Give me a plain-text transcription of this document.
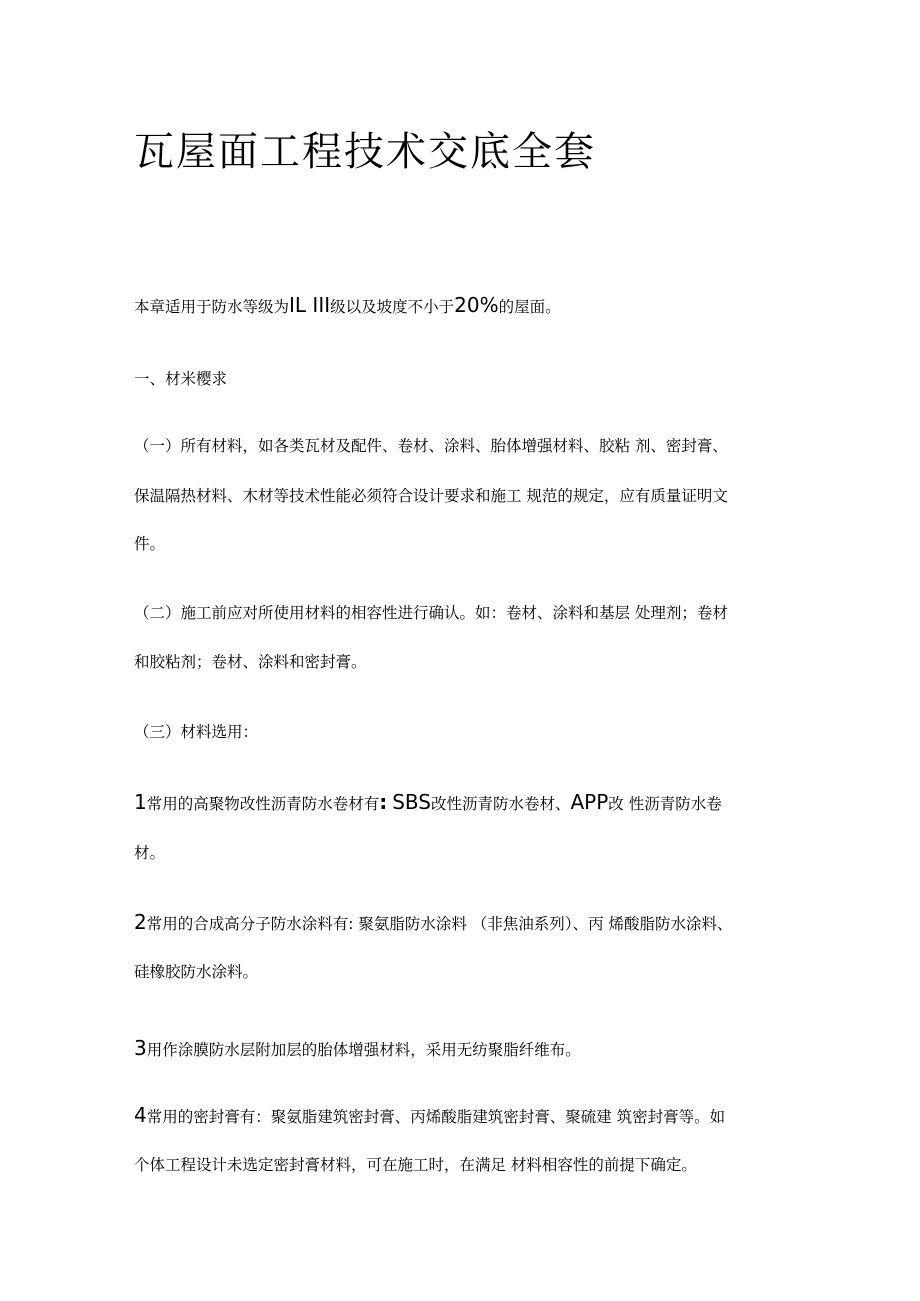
瓦屋面工程技术交底全套

本章适用于防水等级为IL III级以及坡度不小于20%的屋面。

一、材米樱求

（一）所有材料，如各类瓦材及配件、卷材、涂料、胎体增强材料、胶粘 剂、密封膏、

保温隔热材料、木材等技术性能必须符合设计要求和施工 规范的规定，应有质量证明文

件。

（二）施工前应对所使用材料的相容性进行确认。如：卷材、涂料和基层 处理剂；卷材

和胶粘剂；卷材、涂料和密封膏。

（三）材料选用：

1常用的高聚物改性沥青防水卷材有: SBS改性沥青防水卷材、APP改 性沥青防水卷

材。

2常用的合成高分子防水涂料有: 聚氨脂防水涂料 （非焦油系列）、丙 烯酸脂防水涂料、

硅橡胶防水涂料。

3用作涂膜防水层附加层的胎体增强材料，采用无纺聚脂纤维布。

4常用的密封膏有：聚氨脂建筑密封膏、丙烯酸脂建筑密封膏、聚硫建 筑密封膏等。如

个体工程设计未选定密封膏材料，可在施工时，在满足 材料相容性的前提下确定。
